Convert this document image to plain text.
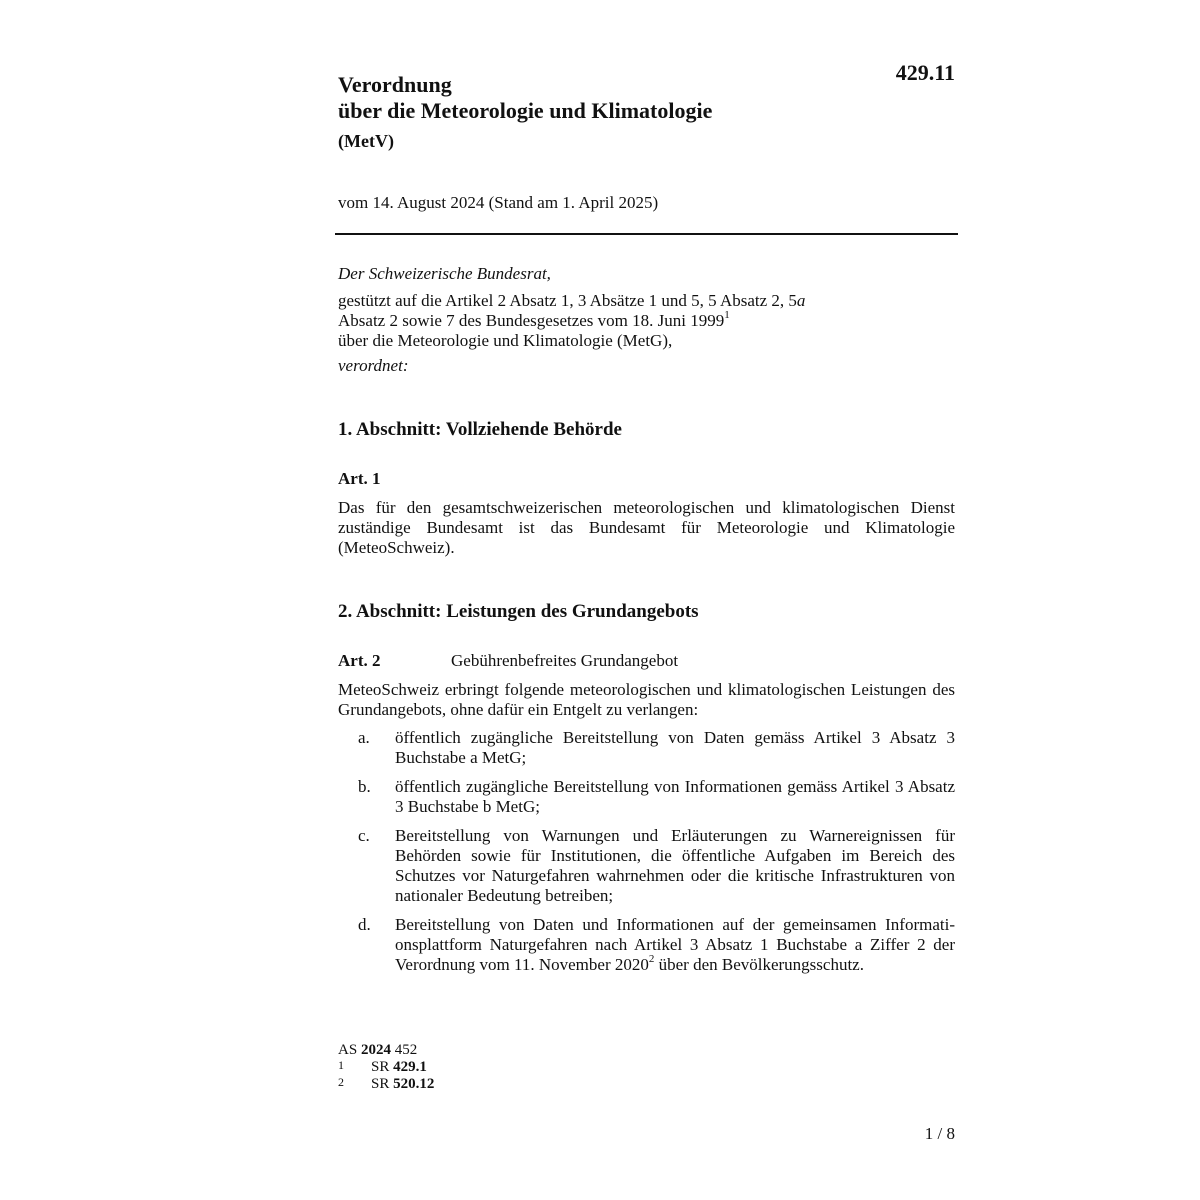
429.11

Verordnung
über die Meteorologie und Klimatologie
(MetV)

vom 14. August 2024 (Stand am 1. April 2025)

Der Schweizerische Bundesrat,

gestützt auf die Artikel 2 Absatz 1, 3 Absätze 1 und 5, 5 Absatz 2, 5a
Absatz 2 sowie 7 des Bundesgesetzes vom 18. Juni 1999$^1$
über die Meteorologie und Klimatologie (MetG),

verordnet:

1. Abschnitt: Vollziehende Behörde
Art. 1

Das für den gesamtschweizerischen meteorologischen und klimatologischen Dienst zuständige Bundesamt ist das Bundesamt für Meteorologie und Klimatologie (MeteoSchweiz).

2. Abschnitt: Leistungen des Grundangebots
Art. 2	Gebührenbefreites Grundangebot

MeteoSchweiz erbringt folgende meteorologischen und klimatologischen Leistungen des Grundangebots, ohne dafür ein Entgelt zu verlangen:

a. öffentlich zugängliche Bereitstellung von Daten gemäss Artikel 3 Absatz 3 Buchstabe a MetG;
b. öffentlich zugängliche Bereitstellung von Informationen gemäss Artikel 3 Absatz 3 Buchstabe b MetG;
c. Bereitstellung von Warnungen und Erläuterungen zu Warnereignissen für Behörden sowie für Institutionen, die öffentliche Aufgaben im Bereich des Schutzes vor Naturgefahren wahrnehmen oder die kritische Infrastrukturen von nationaler Bedeutung betreiben;
d. Bereitstellung von Daten und Informationen auf der gemeinsamen Informationsplattform Naturgefahren nach Artikel 3 Absatz 1 Buchstabe a Ziffer 2 der Verordnung vom 11. November 2020$^2$ über den Bevölkerungsschutz.
AS 2024 452
1 SR 429.1
2 SR 520.12

1 / 8
